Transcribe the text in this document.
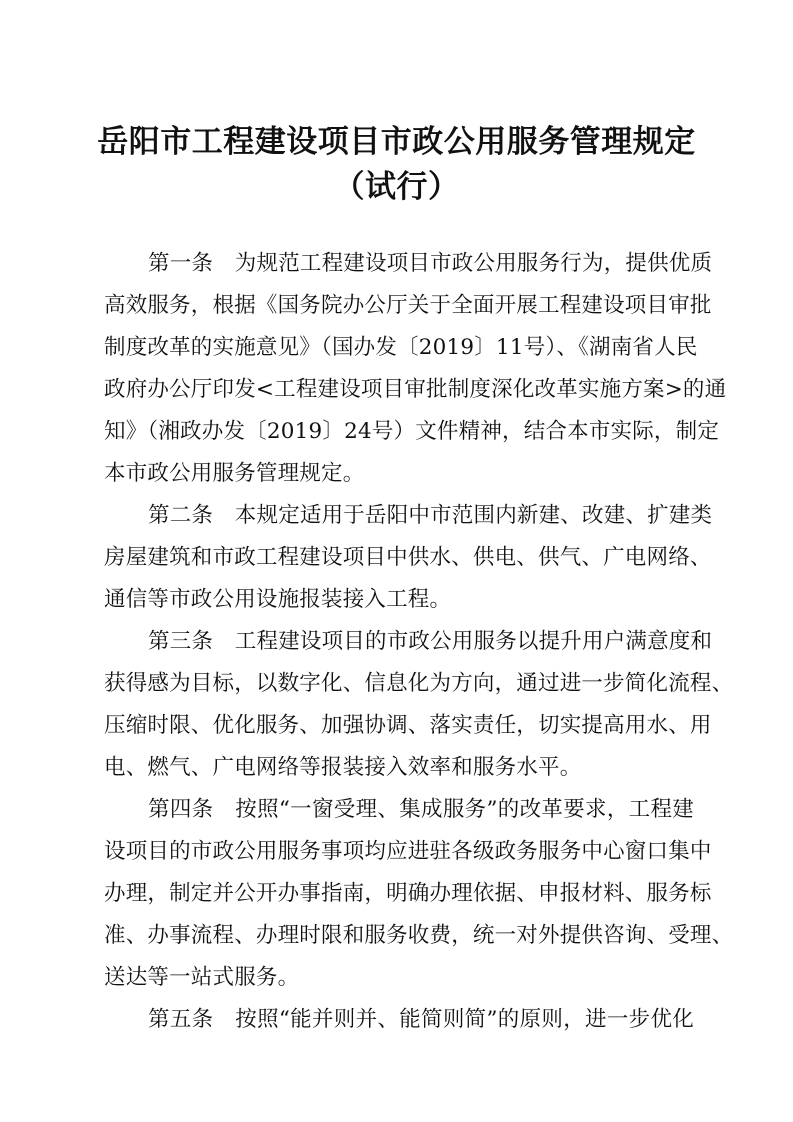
岳阳市工程建设项目市政公用服务管理规定
（试行）
第一条　为规范工程建设项目市政公用服务行为，提供优质
高效服务，根据《国务院办公厅关于全面开展工程建设项目审批
制度改革的实施意见》（国办发〔2019〕11号）、《湖南省人民
政府办公厅印发<工程建设项目审批制度深化改革实施方案>的通
知》（湘政办发〔2019〕24号）文件精神，结合本市实际，制定
本市政公用服务管理规定。
第二条　本规定适用于岳阳中市范围内新建、改建、扩建类
房屋建筑和市政工程建设项目中供水、供电、供气、广电网络、
通信等市政公用设施报装接入工程。
第三条　工程建设项目的市政公用服务以提升用户满意度和
获得感为目标，以数字化、信息化为方向，通过进一步简化流程、
压缩时限、优化服务、加强协调、落实责任，切实提高用水、用
电、燃气、广电网络等报装接入效率和服务水平。
第四条　按照“一窗受理、集成服务”的改革要求，工程建
设项目的市政公用服务事项均应进驻各级政务服务中心窗口集中
办理，制定并公开办事指南，明确办理依据、申报材料、服务标
准、办事流程、办理时限和服务收费，统一对外提供咨询、受理、
送达等一站式服务。
第五条　按照“能并则并、能简则简”的原则，进一步优化
